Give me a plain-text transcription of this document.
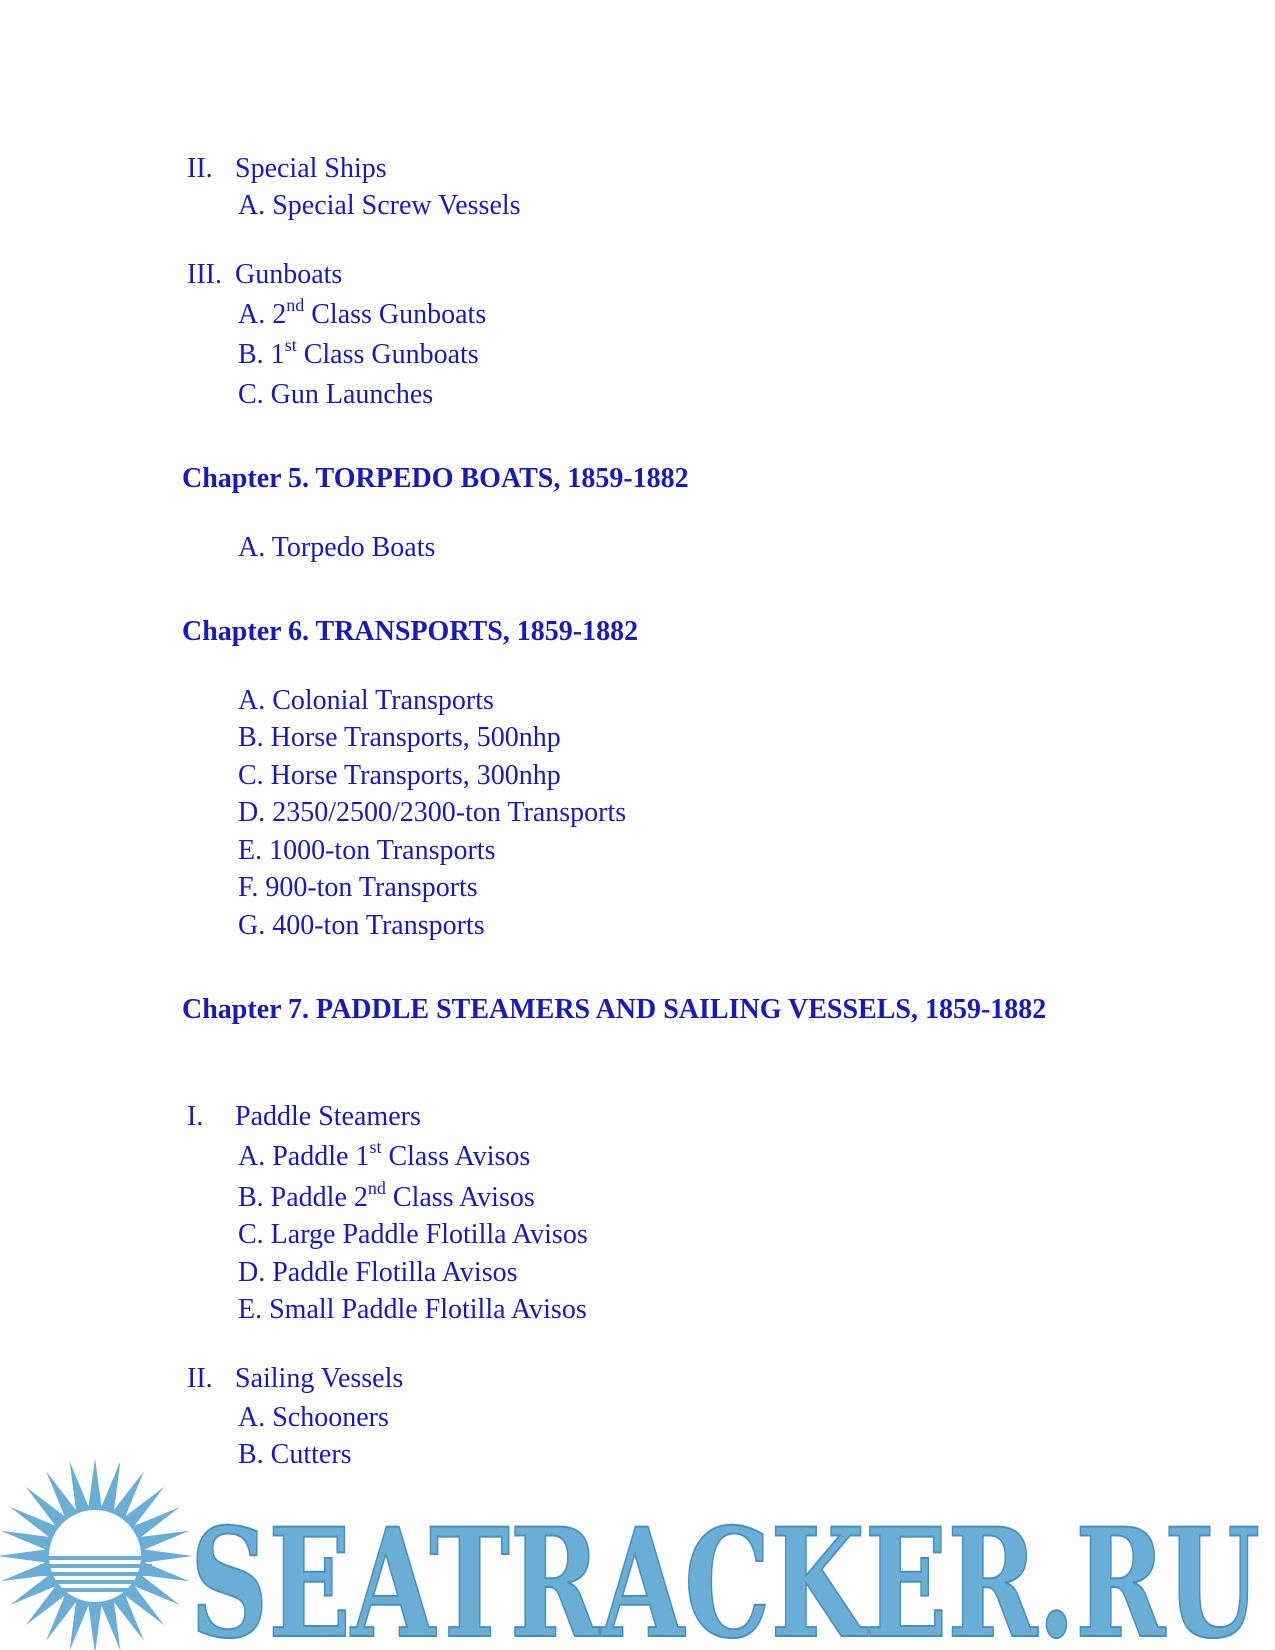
II. Special Ships
A. Special Screw Vessels
III. Gunboats
A. 2nd Class Gunboats
B. 1st Class Gunboats
C. Gun Launches
Chapter 5. TORPEDO BOATS, 1859-1882
A. Torpedo Boats
Chapter 6. TRANSPORTS, 1859-1882
A. Colonial Transports
B. Horse Transports, 500nhp
C. Horse Transports, 300nhp
D. 2350/2500/2300-ton Transports
E. 1000-ton Transports
F. 900-ton Transports
G. 400-ton Transports
Chapter 7. PADDLE STEAMERS AND SAILING VESSELS, 1859-1882
I. Paddle Steamers
A. Paddle 1st Class Avisos
B. Paddle 2nd Class Avisos
C. Large Paddle Flotilla Avisos
D. Paddle Flotilla Avisos
E. Small Paddle Flotilla Avisos
II. Sailing Vessels
A. Schooners
B. Cutters
SEATRACKER.RU
